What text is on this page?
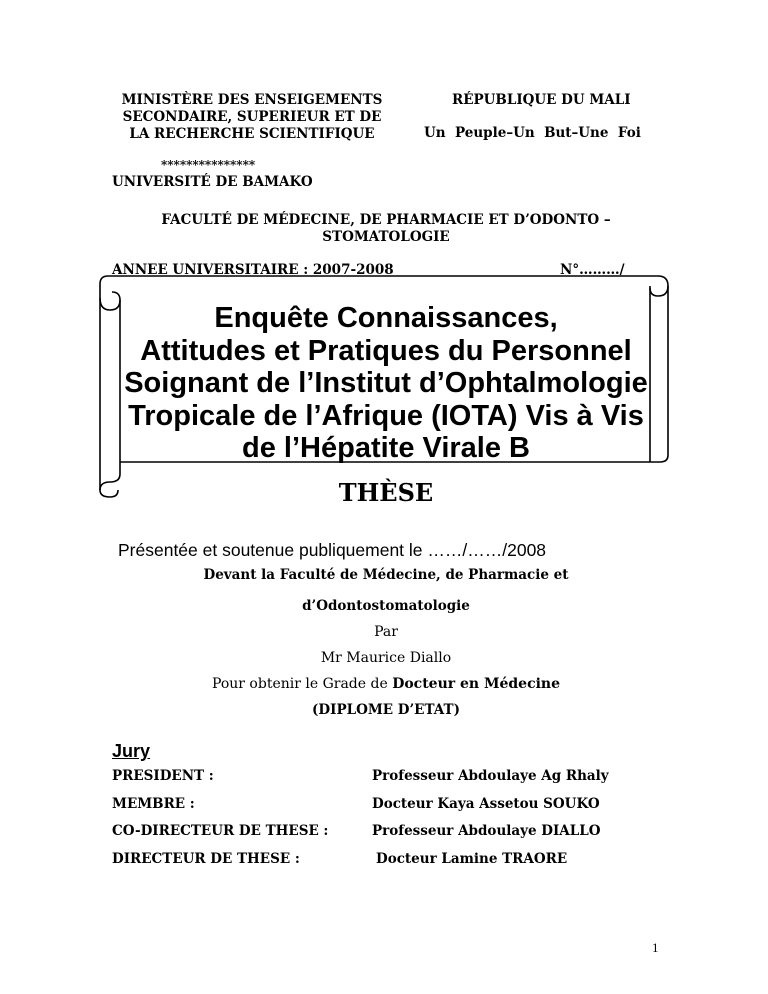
MINISTÈRE DES ENSEIGEMENTS
SECONDAIRE, SUPERIEUR ET DE
LA RECHERCHE SCIENTIFIQUE
RÉPUBLIQUE DU MALI
Un  Peuple–Un  But–Une  Foi
***************
UNIVERSITÉ DE BAMAKO
FACULTÉ DE MÉDECINE, DE PHARMACIE ET D’ODONTO –
STOMATOLOGIE
ANNEE UNIVERSITAIRE : 2007-2008	N°………/
Enquête Connaissances,
Attitudes et Pratiques du Personnel
Soignant de l’Institut d’Ophtalmologie
Tropicale de l’Afrique (IOTA) Vis à Vis
de l’Hépatite Virale B
THÈSE
Présentée et soutenue publiquement le ……/……/2008
Devant la Faculté de Médecine, de Pharmacie et
d’Odontostomatologie
Par
Mr Maurice Diallo
Pour obtenir le Grade de Docteur en Médecine
(DIPLOME D’ETAT)
Jury
PRESIDENT :	Professeur Abdoulaye Ag Rhaly
MEMBRE :	Docteur Kaya Assetou SOUKO
CO-DIRECTEUR DE THESE :	Professeur Abdoulaye DIALLO
DIRECTEUR DE THESE :	Docteur Lamine TRAORE
1
